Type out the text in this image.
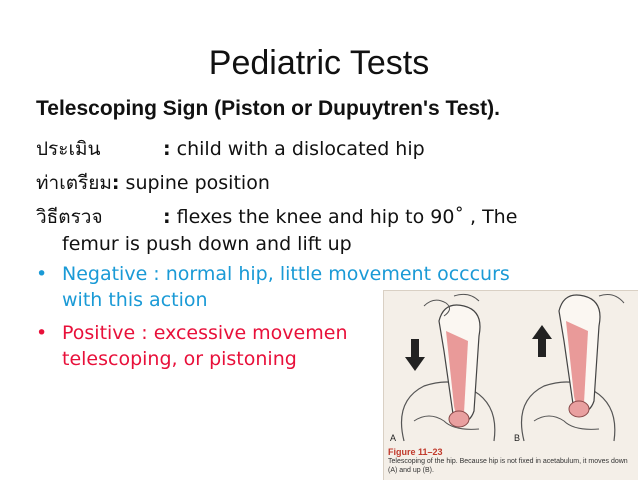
Pediatric Tests
Telescoping Sign (Piston or Dupuytren's Test).
ประเมิน	: child with a dislocated hip
ท่าเตรียม: supine position
วิธีตรวจ	: flexes the knee and hip to 90˚ , The
femur is push down and lift up
• Negative : normal hip, little movement occcurs
with this action
• Positive : excessive movemen
telescoping, or pistoning
A	B
Figure 11–23
Telescoping of the hip. Because hip is not fixed in acetabulum, it moves down (A) and up (B).
